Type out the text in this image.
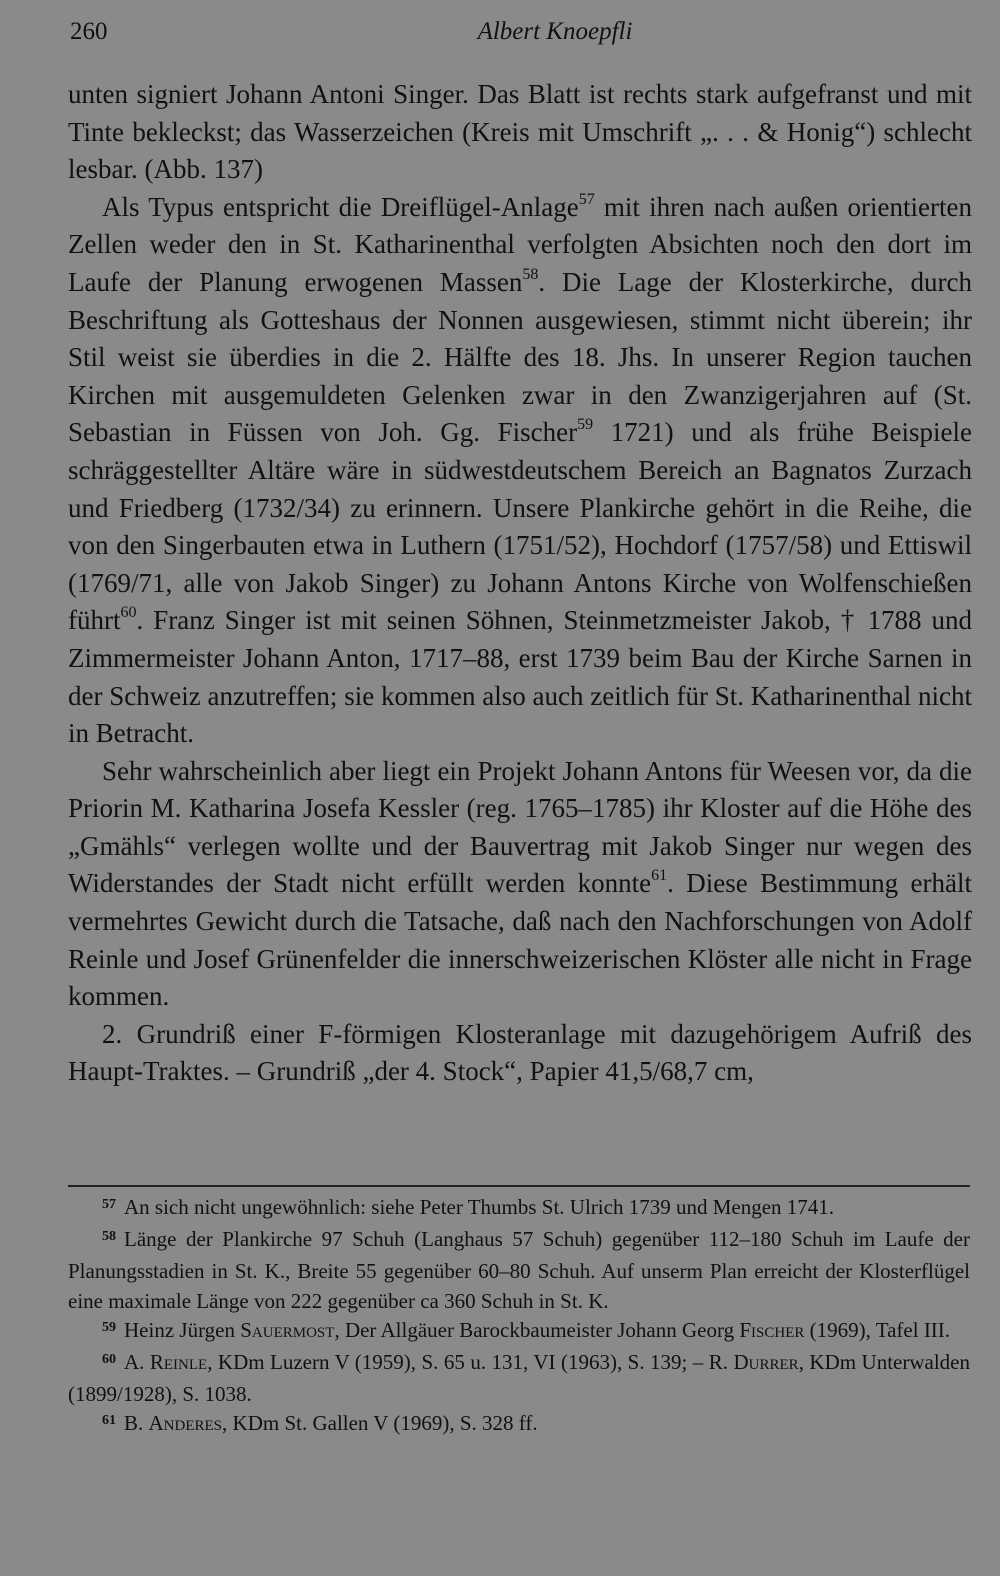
260	Albert Knoepfli

unten signiert Johann Antoni Singer. Das Blatt ist rechts stark aufgefranst und mit Tinte bekleckst; das Wasserzeichen (Kreis mit Umschrift „. . . & Honig“) schlecht lesbar. (Abb. 137)

Als Typus entspricht die Dreiflügel-Anlage$^{57}$ mit ihren nach außen orientierten Zellen weder den in St. Katharinenthal verfolgten Absichten noch den dort im Laufe der Planung erwogenen Massen$^{58}$. Die Lage der Klosterkirche, durch Beschriftung als Gotteshaus der Nonnen ausgewiesen, stimmt nicht überein; ihr Stil weist sie überdies in die 2. Hälfte des 18. Jhs. In unserer Region tauchen Kirchen mit ausgemuldeten Gelenken zwar in den Zwanzigerjahren auf (St. Sebastian in Füssen von Joh. Gg. Fischer$^{59}$ 1721) und als frühe Beispiele schräggestellter Altäre wäre in südwestdeutschem Bereich an Bagnatos Zurzach und Friedberg (1732/34) zu erinnern. Unsere Plankirche gehört in die Reihe, die von den Singerbauten etwa in Luthern (1751/52), Hochdorf (1757/58) und Ettiswil (1769/71, alle von Jakob Singer) zu Johann Antons Kirche von Wolfenschießen führt$^{60}$. Franz Singer ist mit seinen Söhnen, Steinmetzmeister Jakob, † 1788 und Zimmermeister Johann Anton, 1717–88, erst 1739 beim Bau der Kirche Sarnen in der Schweiz anzutreffen; sie kommen also auch zeitlich für St. Katharinenthal nicht in Betracht.

Sehr wahrscheinlich aber liegt ein Projekt Johann Antons für Weesen vor, da die Priorin M. Katharina Josefa Kessler (reg. 1765–1785) ihr Kloster auf die Höhe des „Gmähls“ verlegen wollte und der Bauvertrag mit Jakob Singer nur wegen des Widerstandes der Stadt nicht erfüllt werden konnte$^{61}$. Diese Bestimmung erhält vermehrtes Gewicht durch die Tatsache, daß nach den Nachforschungen von Adolf Reinle und Josef Grünenfelder die innerschweizerischen Klöster alle nicht in Frage kommen.

2. Grundriß einer F-förmigen Klosteranlage mit dazugehörigem Aufriß des Haupt-Traktes. – Grundriß „der 4. Stock“, Papier 41,5/68,7 cm,

$^{57}$ An sich nicht ungewöhnlich: siehe Peter Thumbs St. Ulrich 1739 und Mengen 1741.

$^{58}$ Länge der Plankirche 97 Schuh (Langhaus 57 Schuh) gegenüber 112–180 Schuh im Laufe der Planungsstadien in St. K., Breite 55 gegenüber 60–80 Schuh. Auf unserm Plan erreicht der Klosterflügel eine maximale Länge von 222 gegenüber ca 360 Schuh in St. K.

$^{59}$ Heinz Jürgen Sauermost, Der Allgäuer Barockbaumeister Johann Georg Fischer (1969), Tafel III.

$^{60}$ A. Reinle, KDm Luzern V (1959), S. 65 u. 131, VI (1963), S. 139; – R. Durrer, KDm Unterwalden (1899/1928), S. 1038.

$^{61}$ B. Anderes, KDm St. Gallen V (1969), S. 328 ff.
